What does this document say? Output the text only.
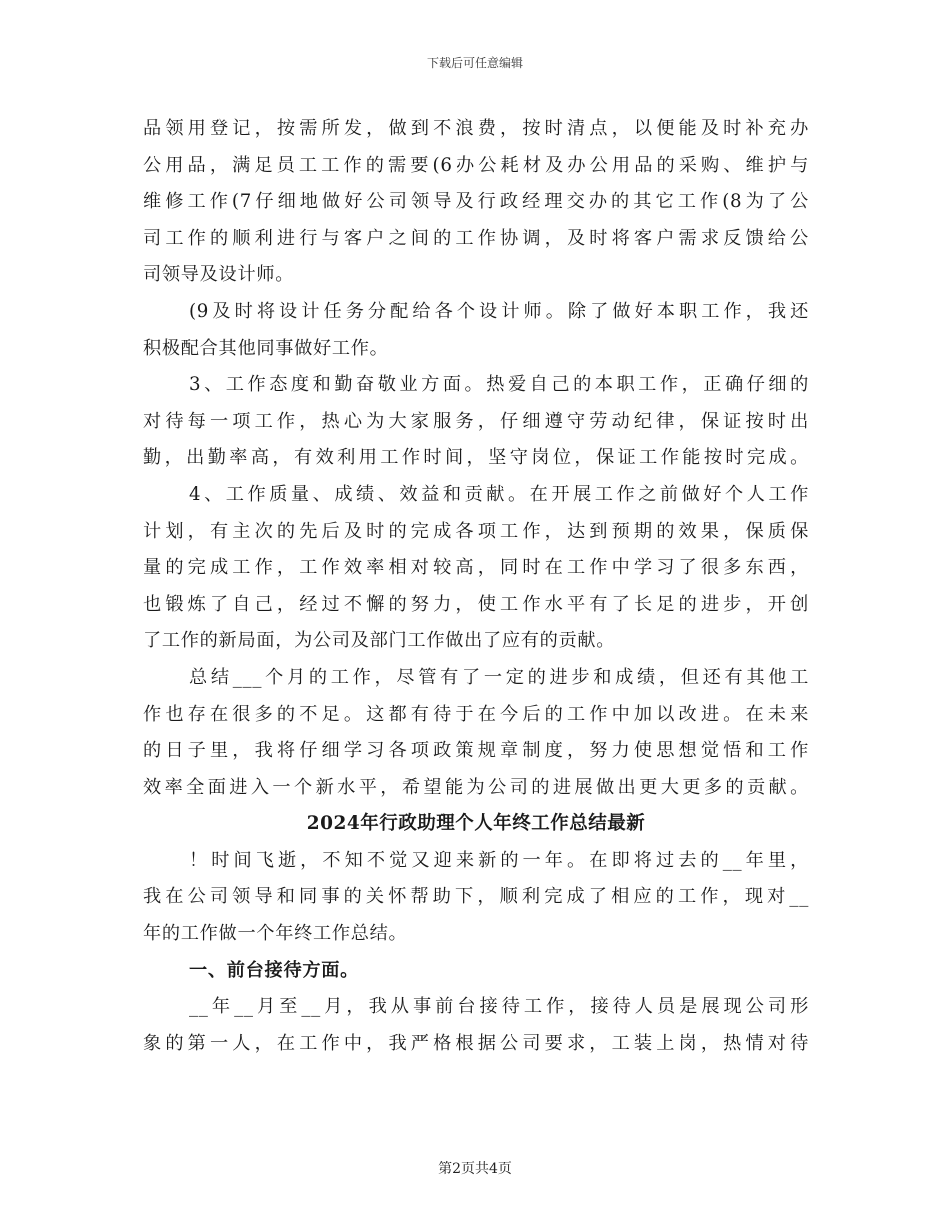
下载后可任意编辑
品领用登记，按需所发，做到不浪费，按时清点，以便能及时补充办
公用品，满足员工工作的需要(6办公耗材及办公用品的采购、维护与
维修工作(7仔细地做好公司领导及行政经理交办的其它工作(8为了公
司工作的顺利进行与客户之间的工作协调，及时将客户需求反馈给公
司领导及设计师。
(9及时将设计任务分配给各个设计师。除了做好本职工作，我还
积极配合其他同事做好工作。
3、工作态度和勤奋敬业方面。热爱自己的本职工作，正确仔细的
对待每一项工作，热心为大家服务，仔细遵守劳动纪律，保证按时出
勤，出勤率高，有效利用工作时间，坚守岗位，保证工作能按时完成。
4、工作质量、成绩、效益和贡献。在开展工作之前做好个人工作
计划，有主次的先后及时的完成各项工作，达到预期的效果，保质保
量的完成工作，工作效率相对较高，同时在工作中学习了很多东西，
也锻炼了自己，经过不懈的努力，使工作水平有了长足的进步，开创
了工作的新局面，为公司及部门工作做出了应有的贡献。
总结___个月的工作，尽管有了一定的进步和成绩，但还有其他工
作也存在很多的不足。这都有待于在今后的工作中加以改进。在未来
的日子里，我将仔细学习各项政策规章制度，努力使思想觉悟和工作
效率全面进入一个新水平，希望能为公司的进展做出更大更多的贡献。
2024年行政助理个人年终工作总结最新
！时间飞逝，不知不觉又迎来新的一年。在即将过去的__年里，
我在公司领导和同事的关怀帮助下，顺利完成了相应的工作，现对__
年的工作做一个年终工作总结。
一、前台接待方面。
__年__月至__月，我从事前台接待工作，接待人员是展现公司形
象的第一人，在工作中，我严格根据公司要求，工装上岗，热情对待
第2页共4页
